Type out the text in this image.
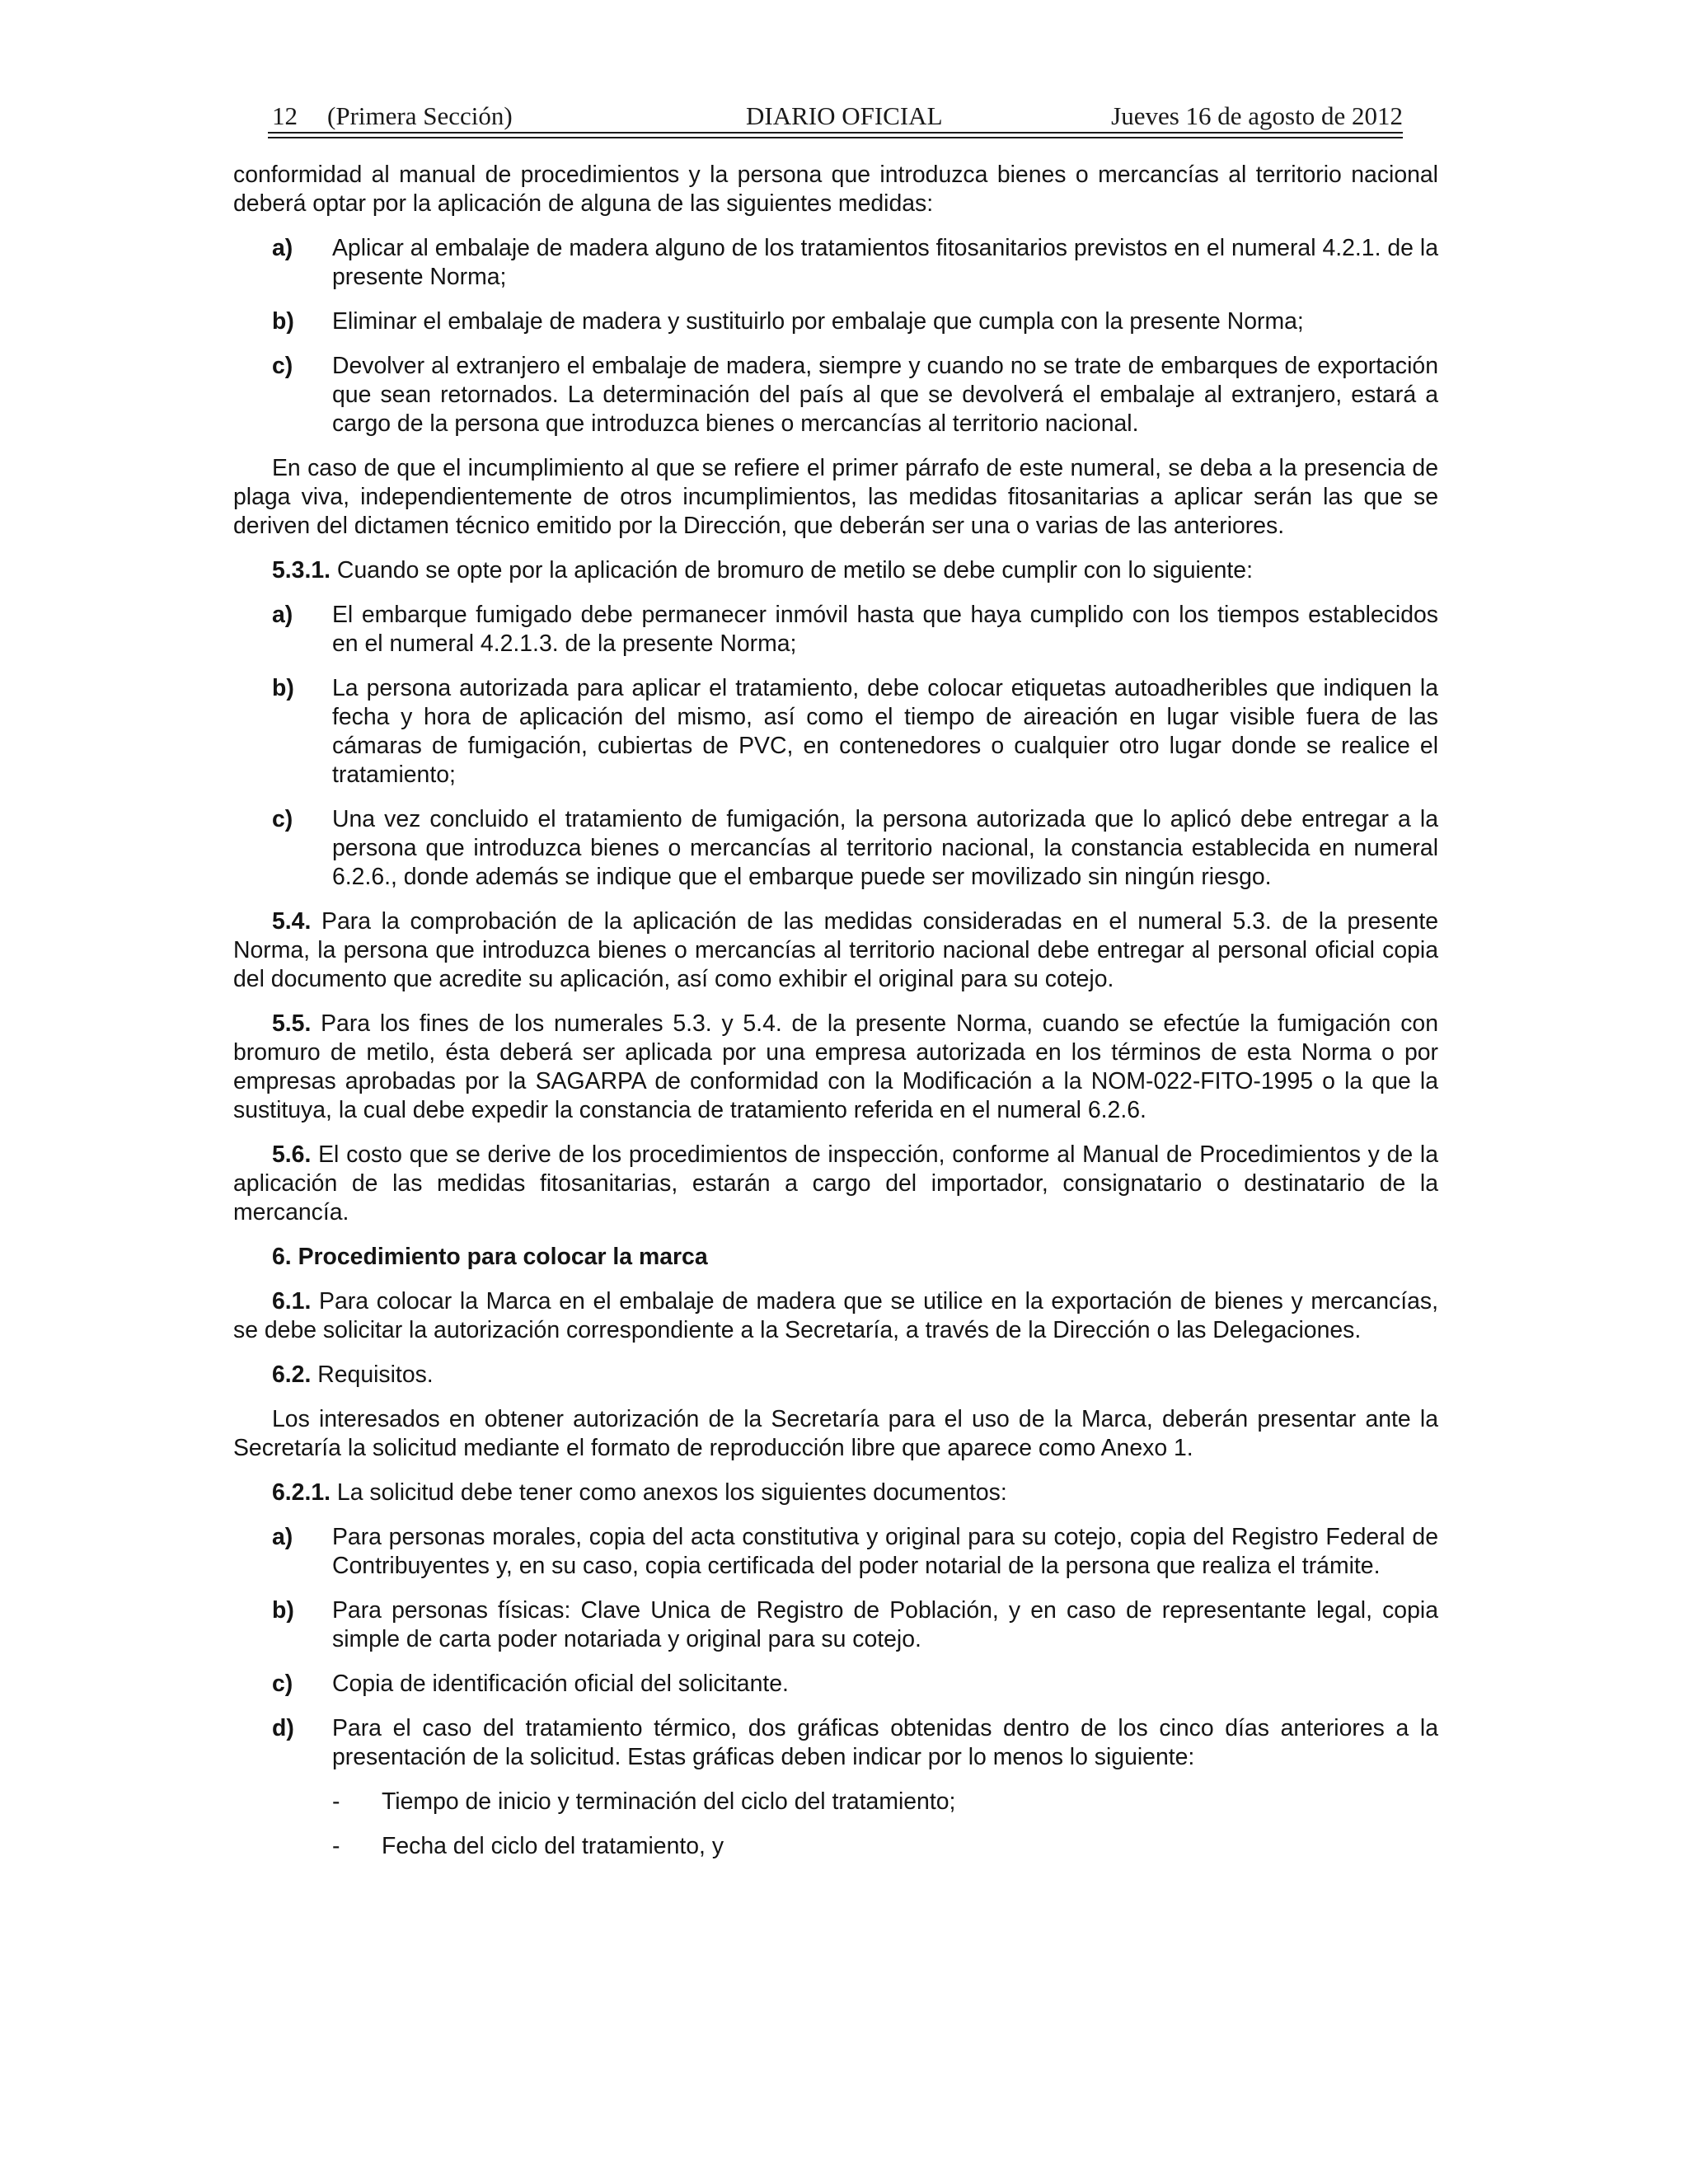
12 (Primera Sección)	DIARIO OFICIAL	Jueves 16 de agosto de 2012

conformidad al manual de procedimientos y la persona que introduzca bienes o mercancías al territorio nacional deberá optar por la aplicación de alguna de las siguientes medidas:

a) Aplicar al embalaje de madera alguno de los tratamientos fitosanitarios previstos en el numeral 4.2.1. de la presente Norma;
b) Eliminar el embalaje de madera y sustituirlo por embalaje que cumpla con la presente Norma;
c) Devolver al extranjero el embalaje de madera, siempre y cuando no se trate de embarques de exportación que sean retornados. La determinación del país al que se devolverá el embalaje al extranjero, estará a cargo de la persona que introduzca bienes o mercancías al territorio nacional.

En caso de que el incumplimiento al que se refiere el primer párrafo de este numeral, se deba a la presencia de plaga viva, independientemente de otros incumplimientos, las medidas fitosanitarias a aplicar serán las que se deriven del dictamen técnico emitido por la Dirección, que deberán ser una o varias de las anteriores.

5.3.1. Cuando se opte por la aplicación de bromuro de metilo se debe cumplir con lo siguiente:

a) El embarque fumigado debe permanecer inmóvil hasta que haya cumplido con los tiempos establecidos en el numeral 4.2.1.3. de la presente Norma;
b) La persona autorizada para aplicar el tratamiento, debe colocar etiquetas autoadheribles que indiquen la fecha y hora de aplicación del mismo, así como el tiempo de aireación en lugar visible fuera de las cámaras de fumigación, cubiertas de PVC, en contenedores o cualquier otro lugar donde se realice el tratamiento;
c) Una vez concluido el tratamiento de fumigación, la persona autorizada que lo aplicó debe entregar a la persona que introduzca bienes o mercancías al territorio nacional, la constancia establecida en numeral 6.2.6., donde además se indique que el embarque puede ser movilizado sin ningún riesgo.

5.4. Para la comprobación de la aplicación de las medidas consideradas en el numeral 5.3. de la presente Norma, la persona que introduzca bienes o mercancías al territorio nacional debe entregar al personal oficial copia del documento que acredite su aplicación, así como exhibir el original para su cotejo.

5.5. Para los fines de los numerales 5.3. y 5.4. de la presente Norma, cuando se efectúe la fumigación con bromuro de metilo, ésta deberá ser aplicada por una empresa autorizada en los términos de esta Norma o por empresas aprobadas por la SAGARPA de conformidad con la Modificación a la NOM-022-FITO-1995 o la que la sustituya, la cual debe expedir la constancia de tratamiento referida en el numeral 6.2.6.

5.6. El costo que se derive de los procedimientos de inspección, conforme al Manual de Procedimientos y de la aplicación de las medidas fitosanitarias, estarán a cargo del importador, consignatario o destinatario de la mercancía.

6. Procedimiento para colocar la marca

6.1. Para colocar la Marca en el embalaje de madera que se utilice en la exportación de bienes y mercancías, se debe solicitar la autorización correspondiente a la Secretaría, a través de la Dirección o las Delegaciones.

6.2. Requisitos.

Los interesados en obtener autorización de la Secretaría para el uso de la Marca, deberán presentar ante la Secretaría la solicitud mediante el formato de reproducción libre que aparece como Anexo 1.

6.2.1. La solicitud debe tener como anexos los siguientes documentos:

a) Para personas morales, copia del acta constitutiva y original para su cotejo, copia del Registro Federal de Contribuyentes y, en su caso, copia certificada del poder notarial de la persona que realiza el trámite.
b) Para personas físicas: Clave Unica de Registro de Población, y en caso de representante legal, copia simple de carta poder notariada y original para su cotejo.
c) Copia de identificación oficial del solicitante.
d) Para el caso del tratamiento térmico, dos gráficas obtenidas dentro de los cinco días anteriores a la presentación de la solicitud. Estas gráficas deben indicar por lo menos lo siguiente:
- Tiempo de inicio y terminación del ciclo del tratamiento;
- Fecha del ciclo del tratamiento, y
